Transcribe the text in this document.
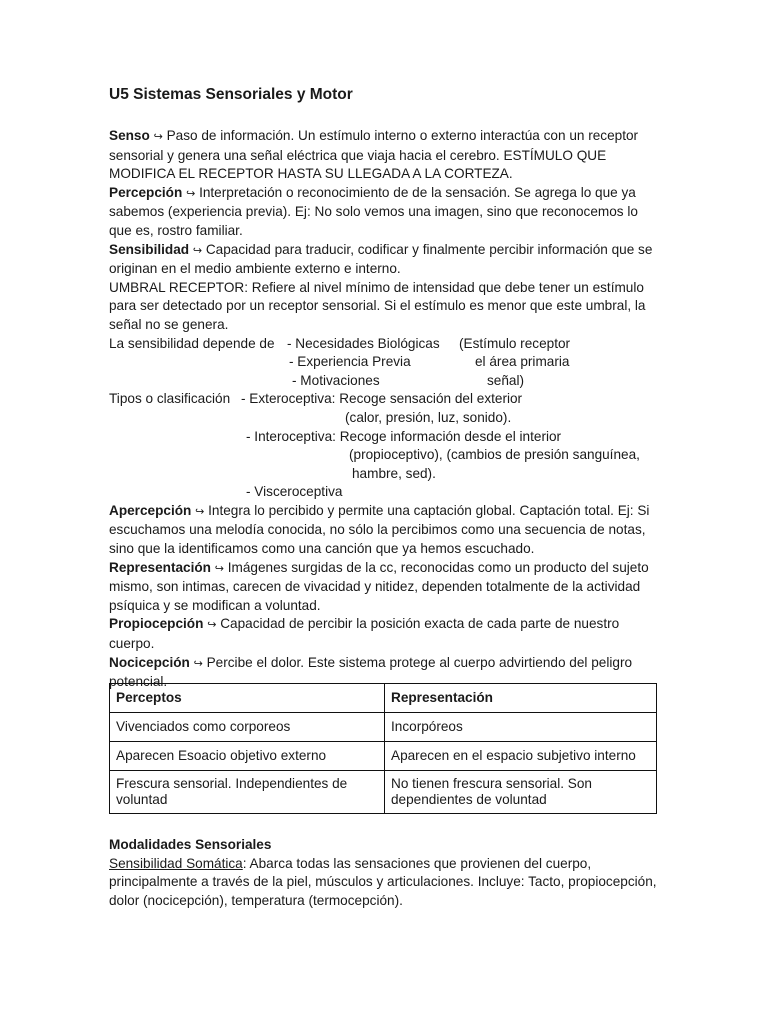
U5 Sistemas Sensoriales y Motor

Senso ↪ Paso de información. Un estímulo interno o externo interactúa con un receptor sensorial y genera una señal eléctrica que viaja hacia el cerebro. ESTÍMULO QUE MODIFICA EL RECEPTOR HASTA SU LLEGADA A LA CORTEZA.

Percepción ↪ Interpretación o reconocimiento de de la sensación. Se agrega lo que ya sabemos (experiencia previa). Ej: No solo vemos una imagen, sino que reconocemos lo que es, rostro familiar.

Sensibilidad ↪ Capacidad para traducir, codificar y finalmente percibir información que se originan en el medio ambiente externo e interno.

UMBRAL RECEPTOR: Refiere al nivel mínimo de intensidad que debe tener un estímulo para ser detectado por un receptor sensorial. Si el estímulo es menor que este umbral, la señal no se genera.

La sensibilidad depende de - Necesidades Biológicas (Estímulo receptor
- Experiencia Previa	el área primaria
- Motivaciones	señal)
Tipos o clasificación - Exteroceptiva: Recoge sensación del exterior
(calor, presión, luz, sonido).
- Interoceptiva: Recoge información desde el interior
(propioceptivo), (cambios de presión sanguínea,
hambre, sed).
- Visceroceptiva

Apercepción ↪ Integra lo percibido y permite una captación global. Captación total. Ej: Si escuchamos una melodía conocida, no sólo la percibimos como una secuencia de notas, sino que la identificamos como una canción que ya hemos escuchado.

Representación ↪ Imágenes surgidas de la cc, reconocidas como un producto del sujeto mismo, son intimas, carecen de vivacidad y nitidez, dependen totalmente de la actividad psíquica y se modifican a voluntad.

Propiocepción ↪ Capacidad de percibir la posición exacta de cada parte de nuestro cuerpo.

Nocicepción ↪ Percibe el dolor. Este sistema protege al cuerpo advirtiendo del peligro potencial.

Perceptos	Representación
Vivenciados como corporeos	Incorpóreos
Aparecen Esoacio objetivo externo	Aparecen en el espacio subjetivo interno
Frescura sensorial. Independientes de voluntad	No tienen frescura sensorial. Son dependientes de voluntad

Modalidades Sensoriales

Sensibilidad Somática: Abarca todas las sensaciones que provienen del cuerpo, principalmente a través de la piel, músculos y articulaciones. Incluye: Tacto, propiocepción, dolor (nocicepción), temperatura (termocepción).
